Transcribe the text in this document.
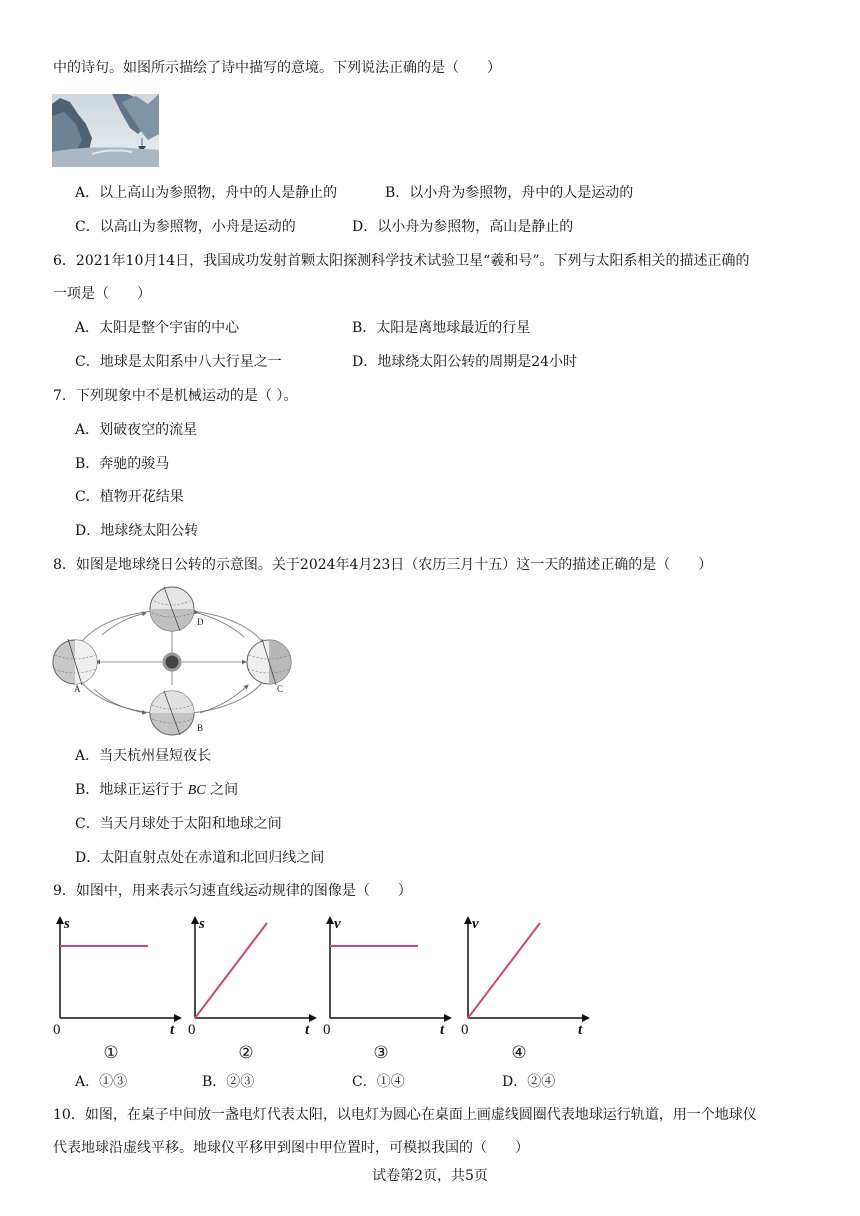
中的诗句。如图所示描绘了诗中描写的意境。下列说法正确的是（　　）
A．以上高山为参照物，舟中的人是静止的	B．以小舟为参照物，舟中的人是运动的
C．以高山为参照物，小舟是运动的	D．以小舟为参照物，高山是静止的
6．2021年10月14日，我国成功发射首颗太阳探测科学技术试验卫星“羲和号”。下列与太阳系相关的描述正确的
一项是（　　）
A．太阳是整个宇宙的中心	B．太阳是离地球最近的行星
C．地球是太阳系中八大行星之一	D．地球绕太阳公转的周期是24小时
7．下列现象中不是机械运动的是（ ）。
A．划破夜空的流星
B．奔驰的骏马
C．植物开花结果
D．地球绕太阳公转
8．如图是地球绕日公转的示意图。关于2024年4月23日（农历三月十五）这一天的描述正确的是（　　）
D
A	C
B
A．当天杭州昼短夜长
B．地球正运行于 BC 之间
C．当天月球处于太阳和地球之间
D．太阳直射点处在赤道和北回归线之间
9．如图中，用来表示匀速直线运动规律的图像是（　　）
s
t
0
①
s
t
0
②
v
t
0
③
v
t
0
④
A．①③	B．②③	C．①④	D．②④
10．如图，在桌子中间放一盏电灯代表太阳，以电灯为圆心在桌面上画虚线圆圈代表地球运行轨道，用一个地球仪
代表地球沿虚线平移。地球仪平移甲到图中甲位置时，可模拟我国的（　　）
试卷第2页，共5页
